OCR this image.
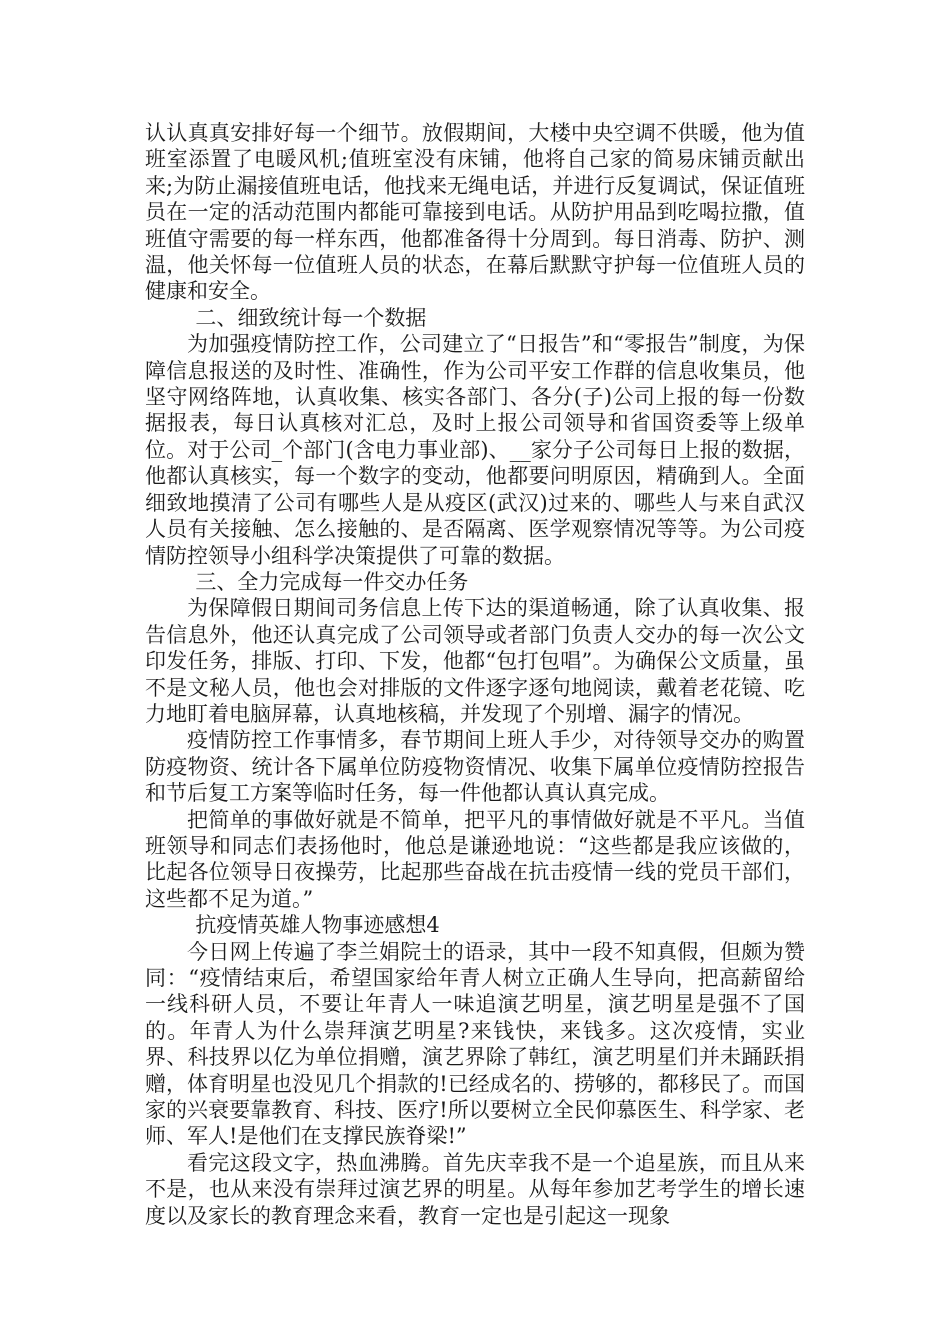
认认真真安排好每一个细节。放假期间，大楼中央空调不供暖，他为值班室添置了电暖风机;值班室没有床铺，他将自己家的简易床铺贡献出来;为防止漏接值班电话，他找来无绳电话，并进行反复调试，保证值班员在一定的活动范围内都能可靠接到电话。从防护用品到吃喝拉撒，值班值守需要的每一样东西，他都准备得十分周到。每日消毒、防护、测温，他关怀每一位值班人员的状态，在幕后默默守护每一位值班人员的健康和安全。

二、细致统计每一个数据

为加强疫情防控工作，公司建立了“日报告”和“零报告”制度，为保障信息报送的及时性、准确性，作为公司平安工作群的信息收集员，他坚守网络阵地，认真收集、核实各部门、各分(子)公司上报的每一份数据报表，每日认真核对汇总，及时上报公司领导和省国资委等上级单位。对于公司_个部门(含电力事业部)、__家分子公司每日上报的数据，他都认真核实，每一个数字的变动，他都要问明原因，精确到人。全面细致地摸清了公司有哪些人是从疫区(武汉)过来的、哪些人与来自武汉人员有关接触、怎么接触的、是否隔离、医学观察情况等等。为公司疫情防控领导小组科学决策提供了可靠的数据。

三、全力完成每一件交办任务

为保障假日期间司务信息上传下达的渠道畅通，除了认真收集、报告信息外，他还认真完成了公司领导或者部门负责人交办的每一次公文印发任务，排版、打印、下发，他都“包打包唱”。为确保公文质量，虽不是文秘人员，他也会对排版的文件逐字逐句地阅读，戴着老花镜、吃力地盯着电脑屏幕，认真地核稿，并发现了个别增、漏字的情况。

疫情防控工作事情多，春节期间上班人手少，对待领导交办的购置防疫物资、统计各下属单位防疫物资情况、收集下属单位疫情防控报告和节后复工方案等临时任务，每一件他都认真认真完成。

把简单的事做好就是不简单，把平凡的事情做好就是不平凡。当值班领导和同志们表扬他时，他总是谦逊地说：“这些都是我应该做的，比起各位领导日夜操劳，比起那些奋战在抗击疫情一线的党员干部们，这些都不足为道。”

抗疫情英雄人物事迹感想4

今日网上传遍了李兰娟院士的语录，其中一段不知真假，但颇为赞同：“疫情结束后，希望国家给年青人树立正确人生导向，把高薪留给一线科研人员，不要让年青人一味追演艺明星，演艺明星是强不了国的。年青人为什么崇拜演艺明星?来钱快，来钱多。这次疫情，实业界、科技界以亿为单位捐赠，演艺界除了韩红，演艺明星们并未踊跃捐赠，体育明星也没见几个捐款的!已经成名的、捞够的，都移民了。而国家的兴衰要靠教育、科技、医疗!所以要树立全民仰慕医生、科学家、老师、军人!是他们在支撑民族脊梁!”

看完这段文字，热血沸腾。首先庆幸我不是一个追星族，而且从来不是，也从来没有崇拜过演艺界的明星。从每年参加艺考学生的增长速度以及家长的教育理念来看，教育一定也是引起这一现象
